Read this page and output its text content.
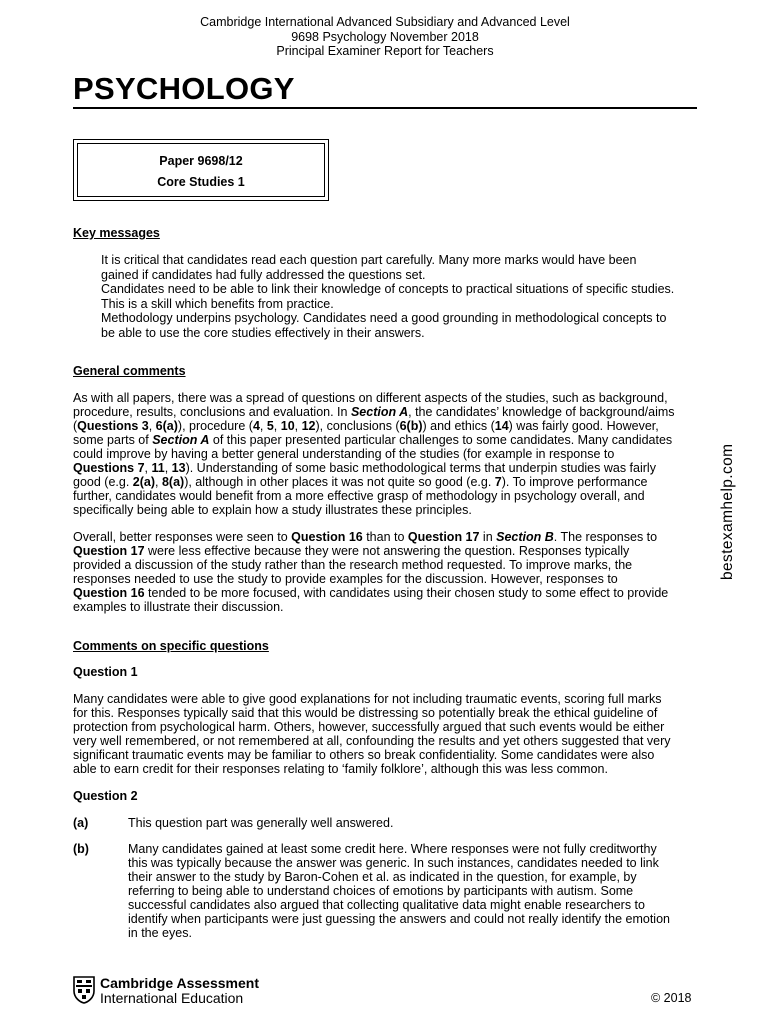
Cambridge International Advanced Subsidiary and Advanced Level
9698 Psychology November 2018
Principal Examiner Report for Teachers
PSYCHOLOGY
Paper 9698/12
Core Studies 1
Key messages

It is critical that candidates read each question part carefully. Many more marks would have been
gained if candidates had fully addressed the questions set.

Candidates need to be able to link their knowledge of concepts to practical situations of specific studies.
This is a skill which benefits from practice.

Methodology underpins psychology. Candidates need a good grounding in methodological concepts to
be able to use the core studies effectively in their answers.

General comments
As with all papers, there was a spread of questions on different aspects of the studies, such as background,
procedure, results, conclusions and evaluation. In Section A, the candidates’ knowledge of background/aims
(Questions 3, 6(a)), procedure (4, 5, 10, 12), conclusions (6(b)) and ethics (14) was fairly good. However,
some parts of Section A of this paper presented particular challenges to some candidates. Many candidates
could improve by having a better general understanding of the studies (for example in response to
Questions 7, 11, 13). Understanding of some basic methodological terms that underpin studies was fairly
good (e.g. 2(a), 8(a)), although in other places it was not quite so good (e.g. 7). To improve performance
further, candidates would benefit from a more effective grasp of methodology in psychology overall, and
specifically being able to explain how a study illustrates these principles.
Overall, better responses were seen to Question 16 than to Question 17 in Section B. The responses to
Question 17 were less effective because they were not answering the question. Responses typically
provided a discussion of the study rather than the research method requested. To improve marks, the
responses needed to use the study to provide examples for the discussion. However, responses to
Question 16 tended to be more focused, with candidates using their chosen study to some effect to provide
examples to illustrate their discussion.
Comments on specific questions
Question 1
Many candidates were able to give good explanations for not including traumatic events, scoring full marks
for this. Responses typically said that this would be distressing so potentially break the ethical guideline of
protection from psychological harm. Others, however, successfully argued that such events would be either
very well remembered, or not remembered at all, confounding the results and yet others suggested that very
significant traumatic events may be familiar to others so break confidentiality. Some candidates were also
able to earn credit for their responses relating to ‘family folklore’, although this was less common.
Question 2
(a)	This question part was generally well answered.
(b)	Many candidates gained at least some credit here. Where responses were not fully creditworthy
this was typically because the answer was generic. In such instances, candidates needed to link
their answer to the study by Baron-Cohen et al. as indicated in the question, for example, by
referring to being able to understand choices of emotions by participants with autism. Some
successful candidates also argued that collecting qualitative data might enable researchers to
identify when participants were just guessing the answers and could not really identify the emotion
in the eyes.
bestexamhelp.com
Cambridge Assessment
International Education	© 2018
